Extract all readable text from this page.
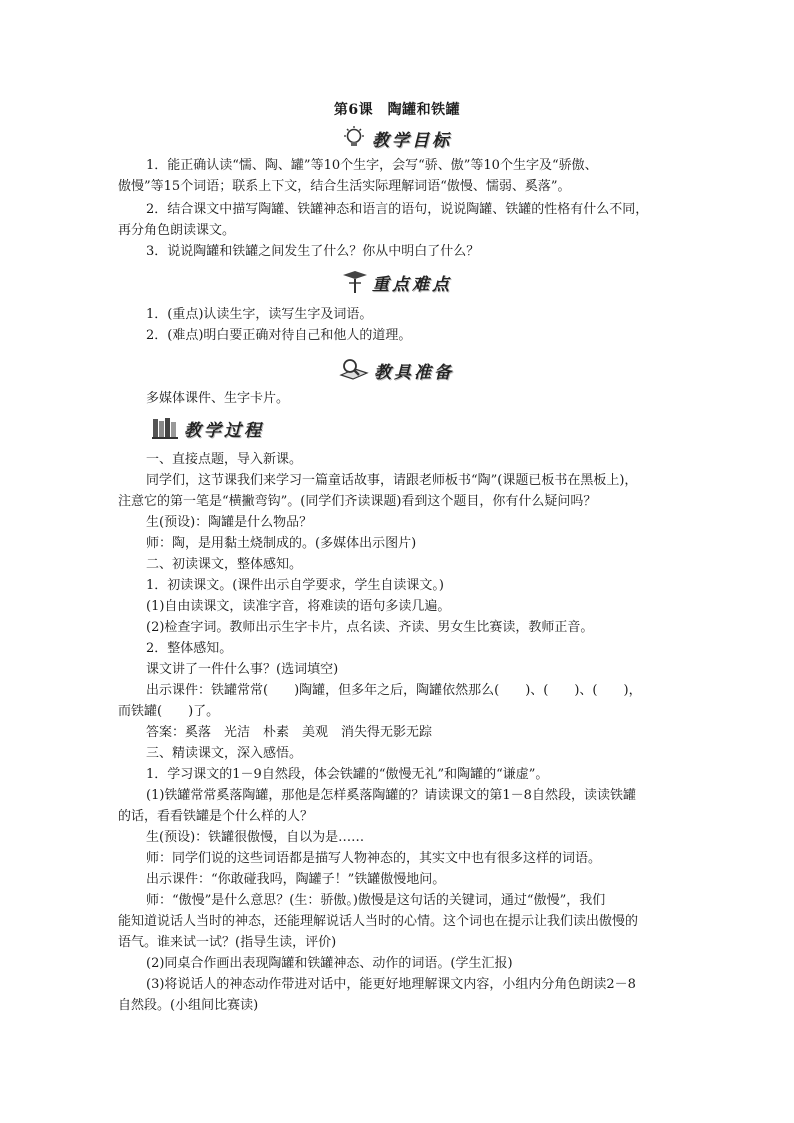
第6课　陶罐和铁罐
教学目标
1．能正确认读“懦、陶、罐”等10个生字，会写“骄、傲”等10个生字及“骄傲、
傲慢”等15个词语；联系上下文，结合生活实际理解词语“傲慢、懦弱、奚落”。
2．结合课文中描写陶罐、铁罐神态和语言的语句，说说陶罐、铁罐的性格有什么不同，
再分角色朗读课文。
3．说说陶罐和铁罐之间发生了什么？你从中明白了什么？
重点难点
1．(重点)认读生字，读写生字及词语。
2．(难点)明白要正确对待自己和他人的道理。
教具准备
多媒体课件、生字卡片。
教学过程
一、直接点题，导入新课。
同学们，这节课我们来学习一篇童话故事，请跟老师板书“陶”(课题已板书在黑板上)，
注意它的第一笔是“横撇弯钩”。(同学们齐读课题)看到这个题目，你有什么疑问吗？
生(预设)：陶罐是什么物品？
师：陶，是用黏土烧制成的。(多媒体出示图片)
二、初读课文，整体感知。
1．初读课文。(课件出示自学要求，学生自读课文。)
(1)自由读课文，读准字音，将难读的语句多读几遍。
(2)检查字词。教师出示生字卡片，点名读、齐读、男女生比赛读，教师正音。
2．整体感知。
课文讲了一件什么事？(选词填空)
出示课件：铁罐常常(　　)陶罐，但多年之后，陶罐依然那么(　　)、(　　)、(　　)，
而铁罐(　　)了。
答案：奚落　光洁　朴素　美观　消失得无影无踪
三、精读课文，深入感悟。
1．学习课文的1－9自然段，体会铁罐的“傲慢无礼”和陶罐的“谦虚”。
(1)铁罐常常奚落陶罐，那他是怎样奚落陶罐的？请读课文的第1－8自然段，读读铁罐
的话，看看铁罐是个什么样的人？
生(预设)：铁罐很傲慢，自以为是……
师：同学们说的这些词语都是描写人物神态的，其实文中也有很多这样的词语。
出示课件：“你敢碰我吗，陶罐子！”铁罐傲慢地问。
师：“傲慢”是什么意思？(生：骄傲。)傲慢是这句话的关键词，通过“傲慢”，我们
能知道说话人当时的神态，还能理解说话人当时的心情。这个词也在提示让我们读出傲慢的
语气。谁来试一试？(指导生读，评价)
(2)同桌合作画出表现陶罐和铁罐神态、动作的词语。(学生汇报)
(3)将说话人的神态动作带进对话中，能更好地理解课文内容，小组内分角色朗读2－8
自然段。(小组间比赛读)
